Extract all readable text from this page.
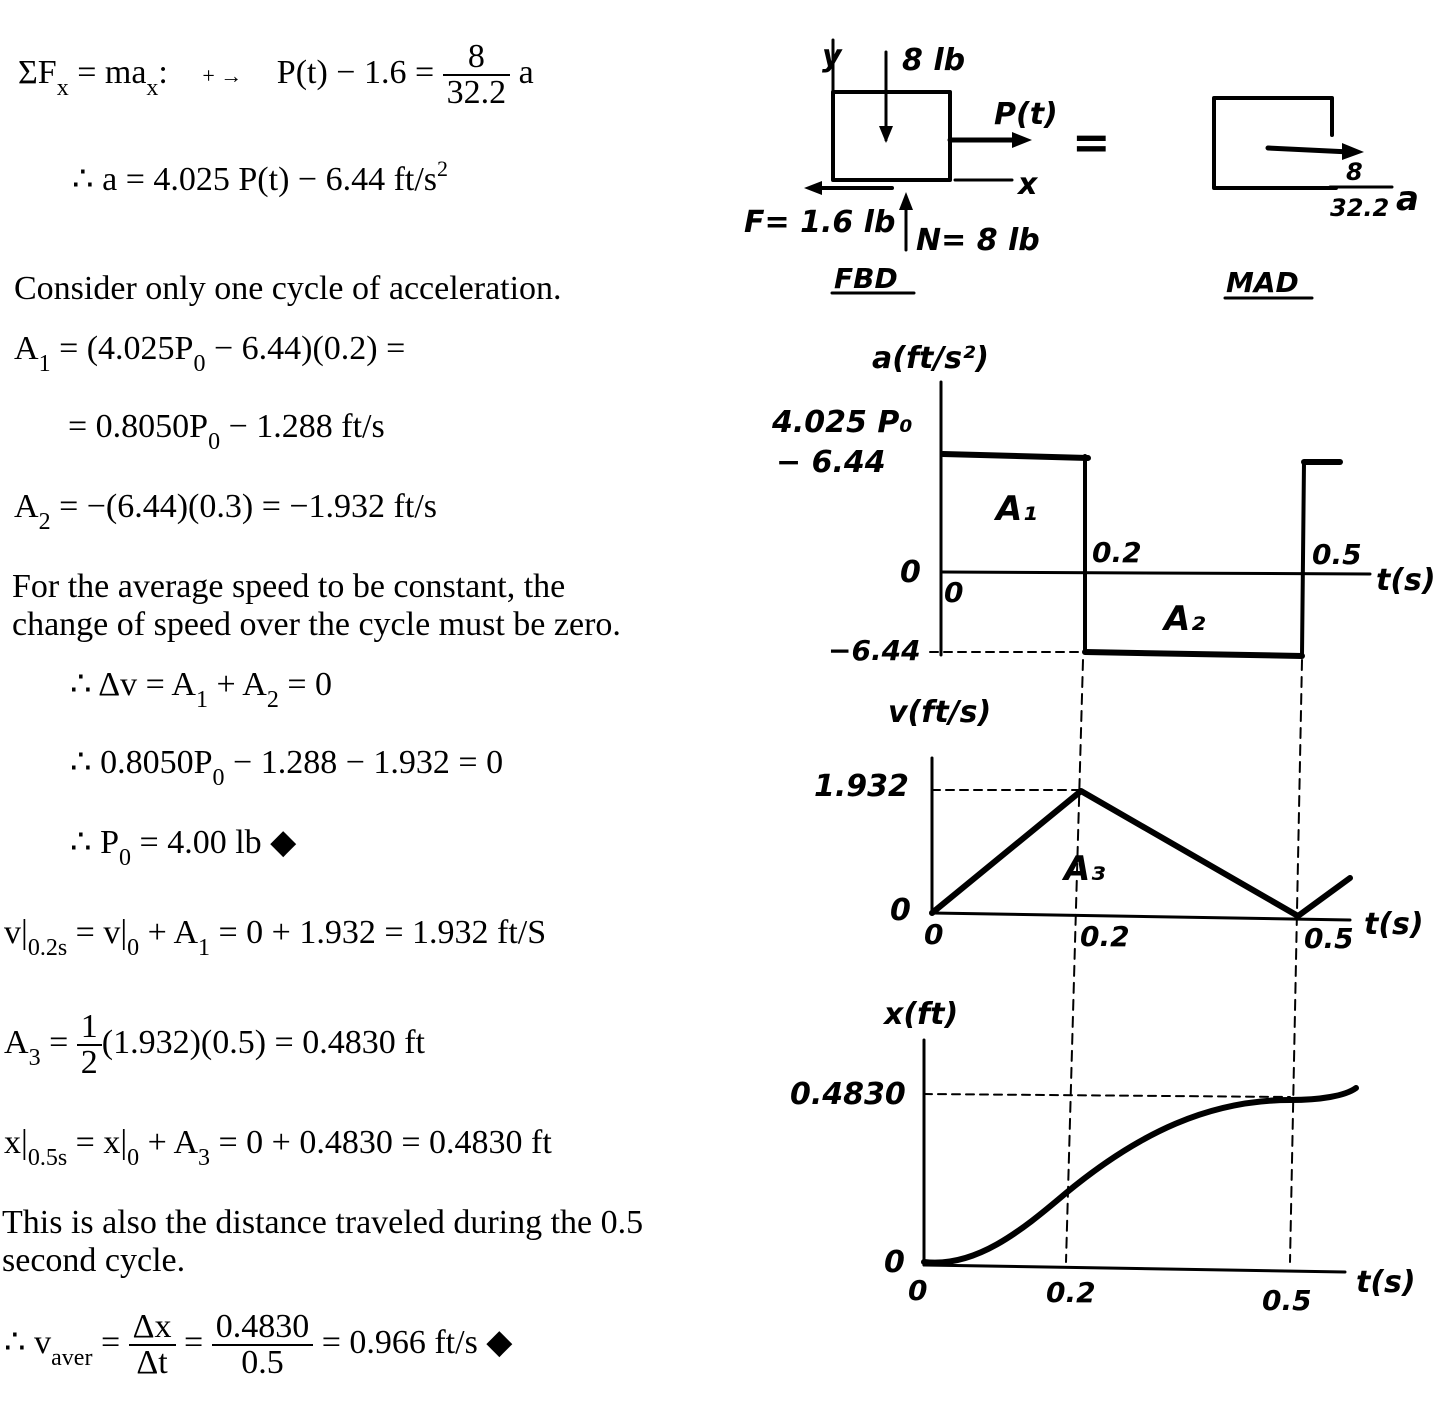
$\Sigma F_x = ma_x$: + → $P(t) - 1.6 = \frac{8}{32.2}$ a
∴ a = 4.025 P(t) − 6.44 $ft/s^2$
Consider only one cycle of acceleration.
$A_1 = (4.025P_0 - 6.44)(0.2)$ =
= $0.8050P_0 - 1.288$ ft/s
$A_2 = -(6.44)(0.3) = -1.932$ ft/s
For the average speed to be constant, the
change of speed over the cycle must be zero.
∴ $\Delta v = A_1 + A_2 = 0$
∴ $0.8050P_0 - 1.288 - 1.932 = 0$
∴ $P_0 = 4.00$ lb ◆
$v|_{0.2s} = v|_0 + A_1 = 0 + 1.932 = 1.932$ ft/S
$A_3 = \frac{1}{2} (1.932)(0.5) = 0.4830$ ft
$x|_{0.5s} = x|_0 + A_3 = 0 + 0.4830 = 0.4830$ ft
This is also the distance traveled during the 0.5
second cycle.
∴ $v_{aver} = \frac{\Delta x}{\Delta t} = \frac{0.4830}{0.5} = 0.966$ ft/s ◆
y 8 lb
P(t)
x
F= 1.6 lb
N= 8 lb
=
8
32.2 a
FBD	MAD
a(ft/s²)
4.025 P₀
− 6.44
0
−6.44
0
0.2	0.5
t(s)
A₁
A₂
v(ft/s)
1.932
0
0	0.2	0.5 t(s)
A₃
x(ft)
0.4830
0
0	0.2	0.5
t(s)
